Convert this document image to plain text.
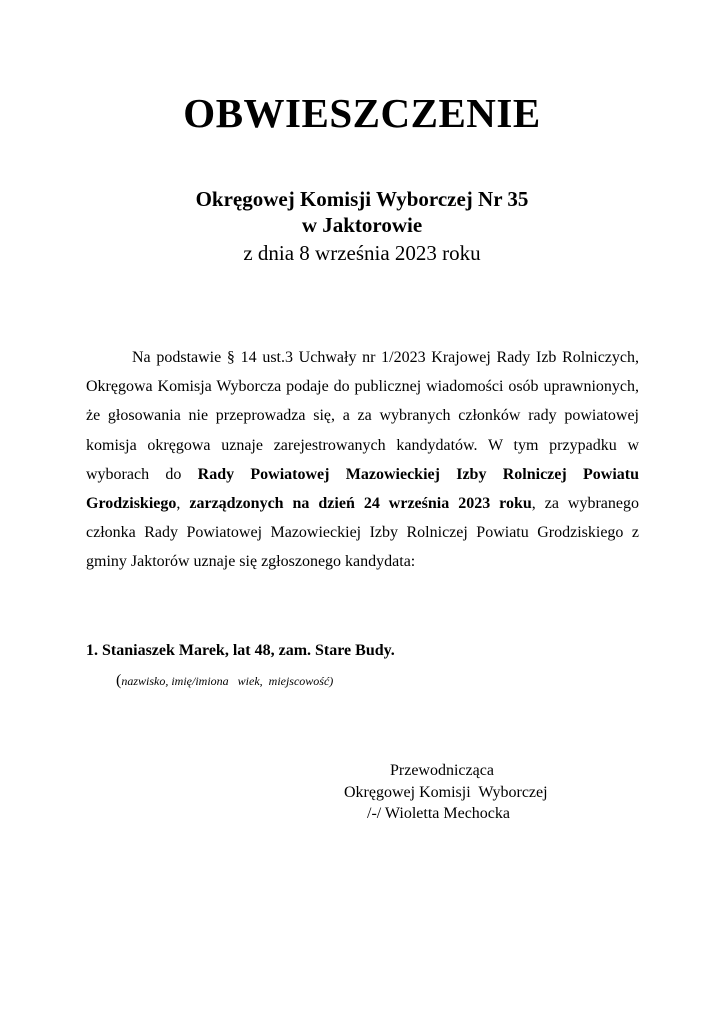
OBWIESZCZENIE
Okręgowej Komisji Wyborczej Nr 35
w Jaktorowie
z dnia 8 września 2023 roku

Na podstawie § 14 ust.3 Uchwały nr 1/2023 Krajowej Rady Izb Rolniczych, Okręgowa Komisja Wyborcza podaje do publicznej wiadomości osób uprawnionych, że głosowania nie przeprowadza się, a za wybranych członków rady powiatowej komisja okręgowa uznaje zarejestrowanych kandydatów. W tym przypadku w wyborach do Rady Powiatowej Mazowieckiej Izby Rolniczej Powiatu Grodziskiego, zarządzonych na dzień 24 września 2023 roku, za wybranego członka Rady Powiatowej Mazowieckiej Izby Rolniczej Powiatu Grodziskiego z gminy Jaktorów uznaje się zgłoszonego kandydata:

1. Staniaszek Marek, lat 48, zam. Stare Budy.
(nazwisko, imię/imiona   wiek,  miejscowość)
Przewodnicząca
Okręgowej Komisji  Wyborczej
/-/ Wioletta Mechocka
